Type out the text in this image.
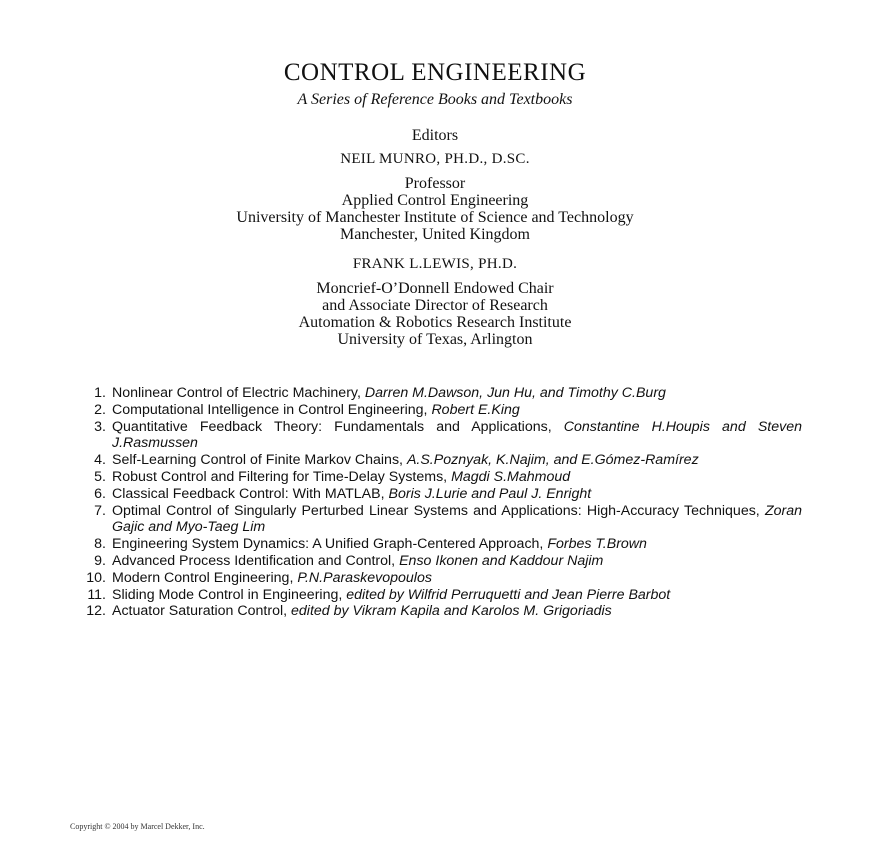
CONTROL ENGINEERING
A Series of Reference Books and Textbooks
Editors
NEIL MUNRO, PH.D., D.SC.
Professor
Applied Control Engineering
University of Manchester Institute of Science and Technology
Manchester, United Kingdom
FRANK L.LEWIS, PH.D.
Moncrief-O’Donnell Endowed Chair
and Associate Director of Research
Automation & Robotics Research Institute
University of Texas, Arlington
1. Nonlinear Control of Electric Machinery, Darren M.Dawson, Jun Hu, and Timothy C.Burg
2. Computational Intelligence in Control Engineering, Robert E.King
3. Quantitative Feedback Theory: Fundamentals and Applications, Constantine H.Houpis and Steven J.Rasmussen
4. Self-Learning Control of Finite Markov Chains, A.S.Poznyak, K.Najim, and E.Gómez-Ramírez
5. Robust Control and Filtering for Time-Delay Systems, Magdi S.Mahmoud
6. Classical Feedback Control: With MATLAB, Boris J.Lurie and Paul J. Enright
7. Optimal Control of Singularly Perturbed Linear Systems and Applications: High-Accuracy Techniques, Zoran Gajic and Myo-Taeg Lim
8. Engineering System Dynamics: A Unified Graph-Centered Approach, Forbes T.Brown
9. Advanced Process Identification and Control, Enso Ikonen and Kaddour Najim
10. Modern Control Engineering, P.N.Paraskevopoulos
11. Sliding Mode Control in Engineering, edited by Wilfrid Perruquetti and Jean Pierre Barbot
12. Actuator Saturation Control, edited by Vikram Kapila and Karolos M. Grigoriadis
Copyright © 2004 by Marcel Dekker, Inc.
